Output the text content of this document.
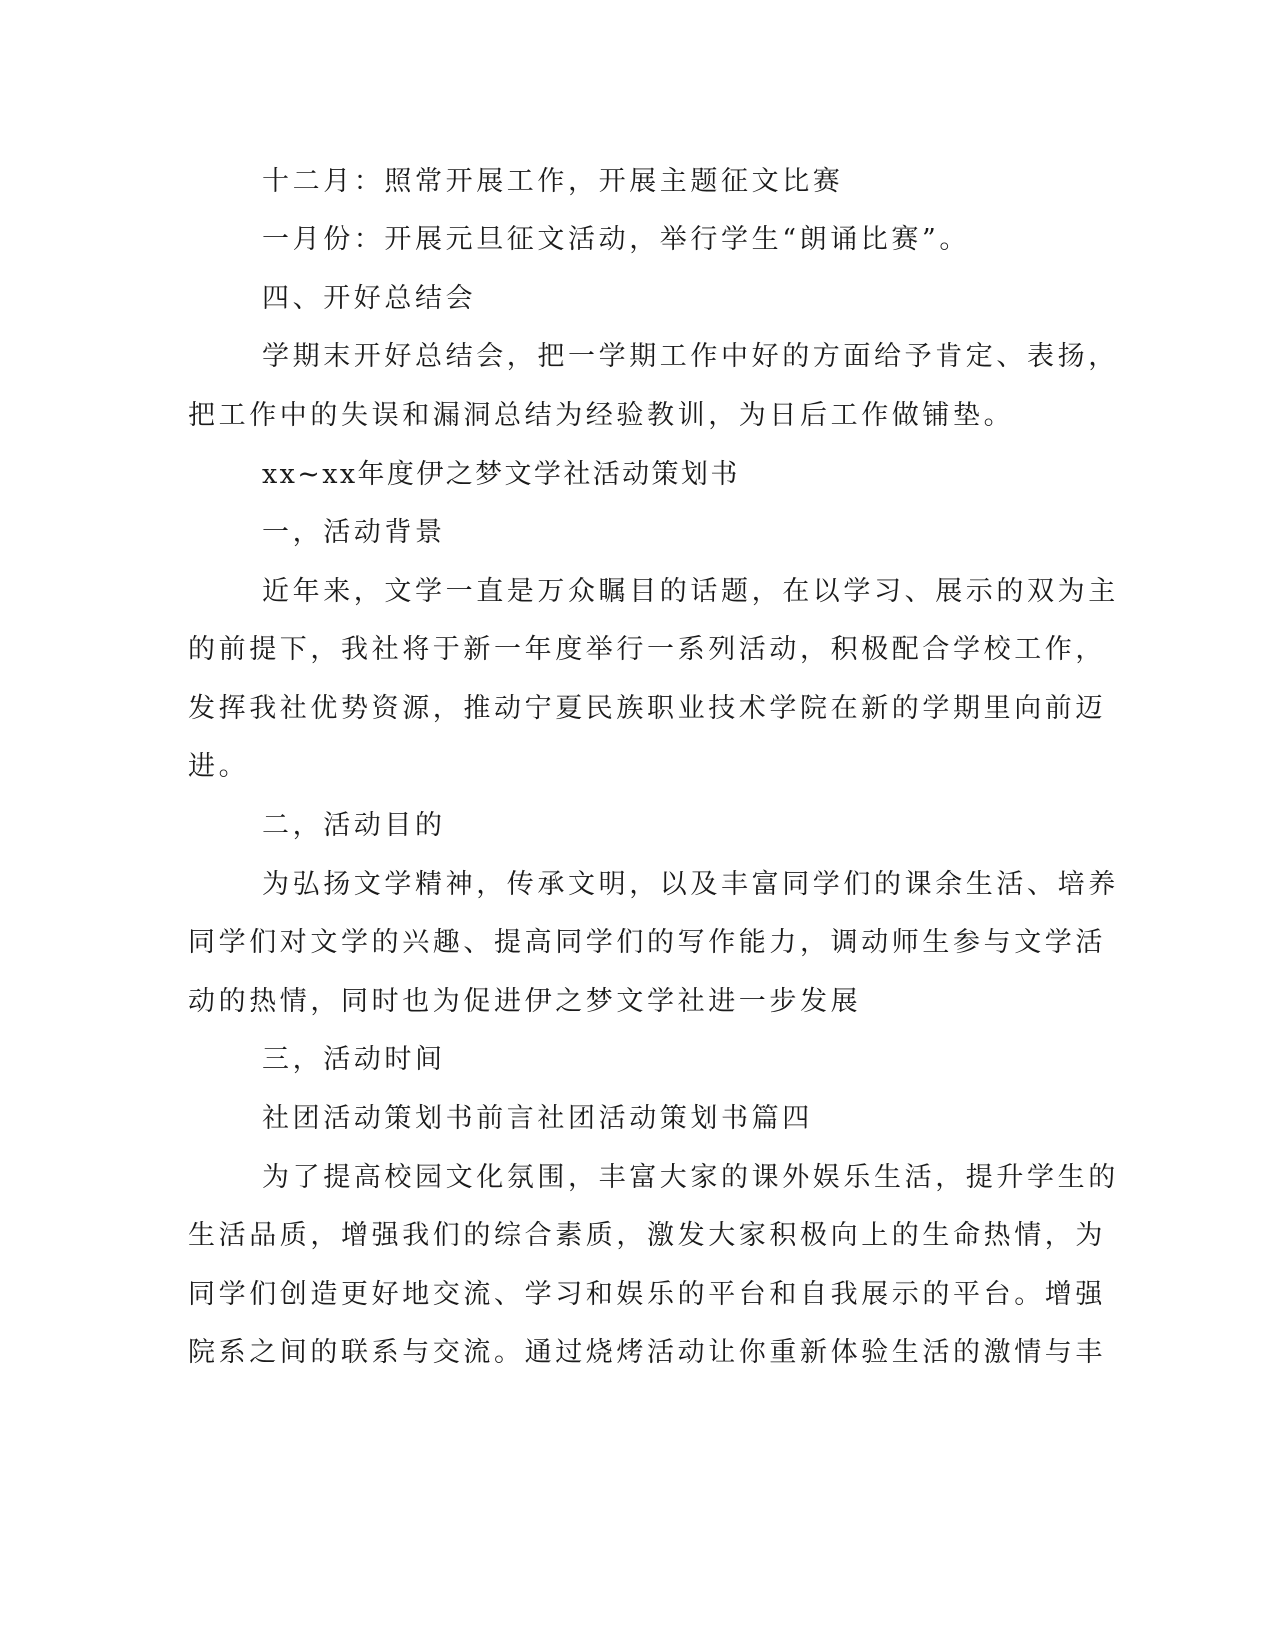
十二月：照常开展工作，开展主题征文比赛

一月份：开展元旦征文活动，举行学生“朗诵比赛”。

四、开好总结会

学期末开好总结会，把一学期工作中好的方面给予肯定、表扬，

把工作中的失误和漏洞总结为经验教训，为日后工作做铺垫。

xx~xx年度伊之梦文学社活动策划书

一，活动背景

近年来，文学一直是万众瞩目的话题，在以学习、展示的双为主

的前提下，我社将于新一年度举行一系列活动，积极配合学校工作，

发挥我社优势资源，推动宁夏民族职业技术学院在新的学期里向前迈

进。

二，活动目的

为弘扬文学精神，传承文明，以及丰富同学们的课余生活、培养

同学们对文学的兴趣、提高同学们的写作能力，调动师生参与文学活

动的热情，同时也为促进伊之梦文学社进一步发展

三，活动时间

社团活动策划书前言社团活动策划书篇四

为了提高校园文化氛围，丰富大家的课外娱乐生活，提升学生的

生活品质，增强我们的综合素质，激发大家积极向上的生命热情，为

同学们创造更好地交流、学习和娱乐的平台和自我展示的平台。增强

院系之间的联系与交流。通过烧烤活动让你重新体验生活的激情与丰
